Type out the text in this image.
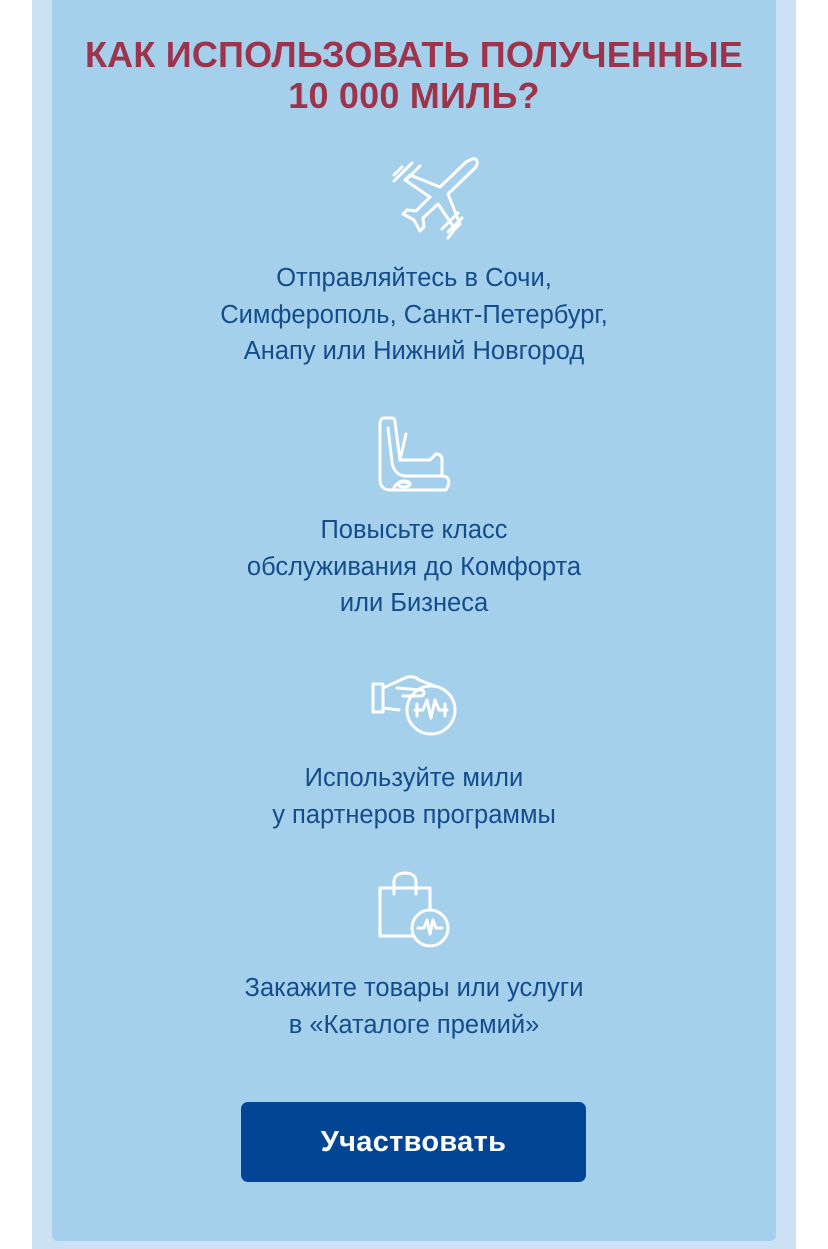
КАК ИСПОЛЬЗОВАТЬ ПОЛУЧЕННЫЕ
10 000 МИЛЬ?
Отправляйтесь в Сочи,
Симферополь, Санкт-Петербург,
Анапу или Нижний Новгород
Повысьте класс
обслуживания до Комфорта
или Бизнеса
Используйте мили
у партнеров программы
Закажите товары или услуги
в «Каталоге премий»
Участвовать
